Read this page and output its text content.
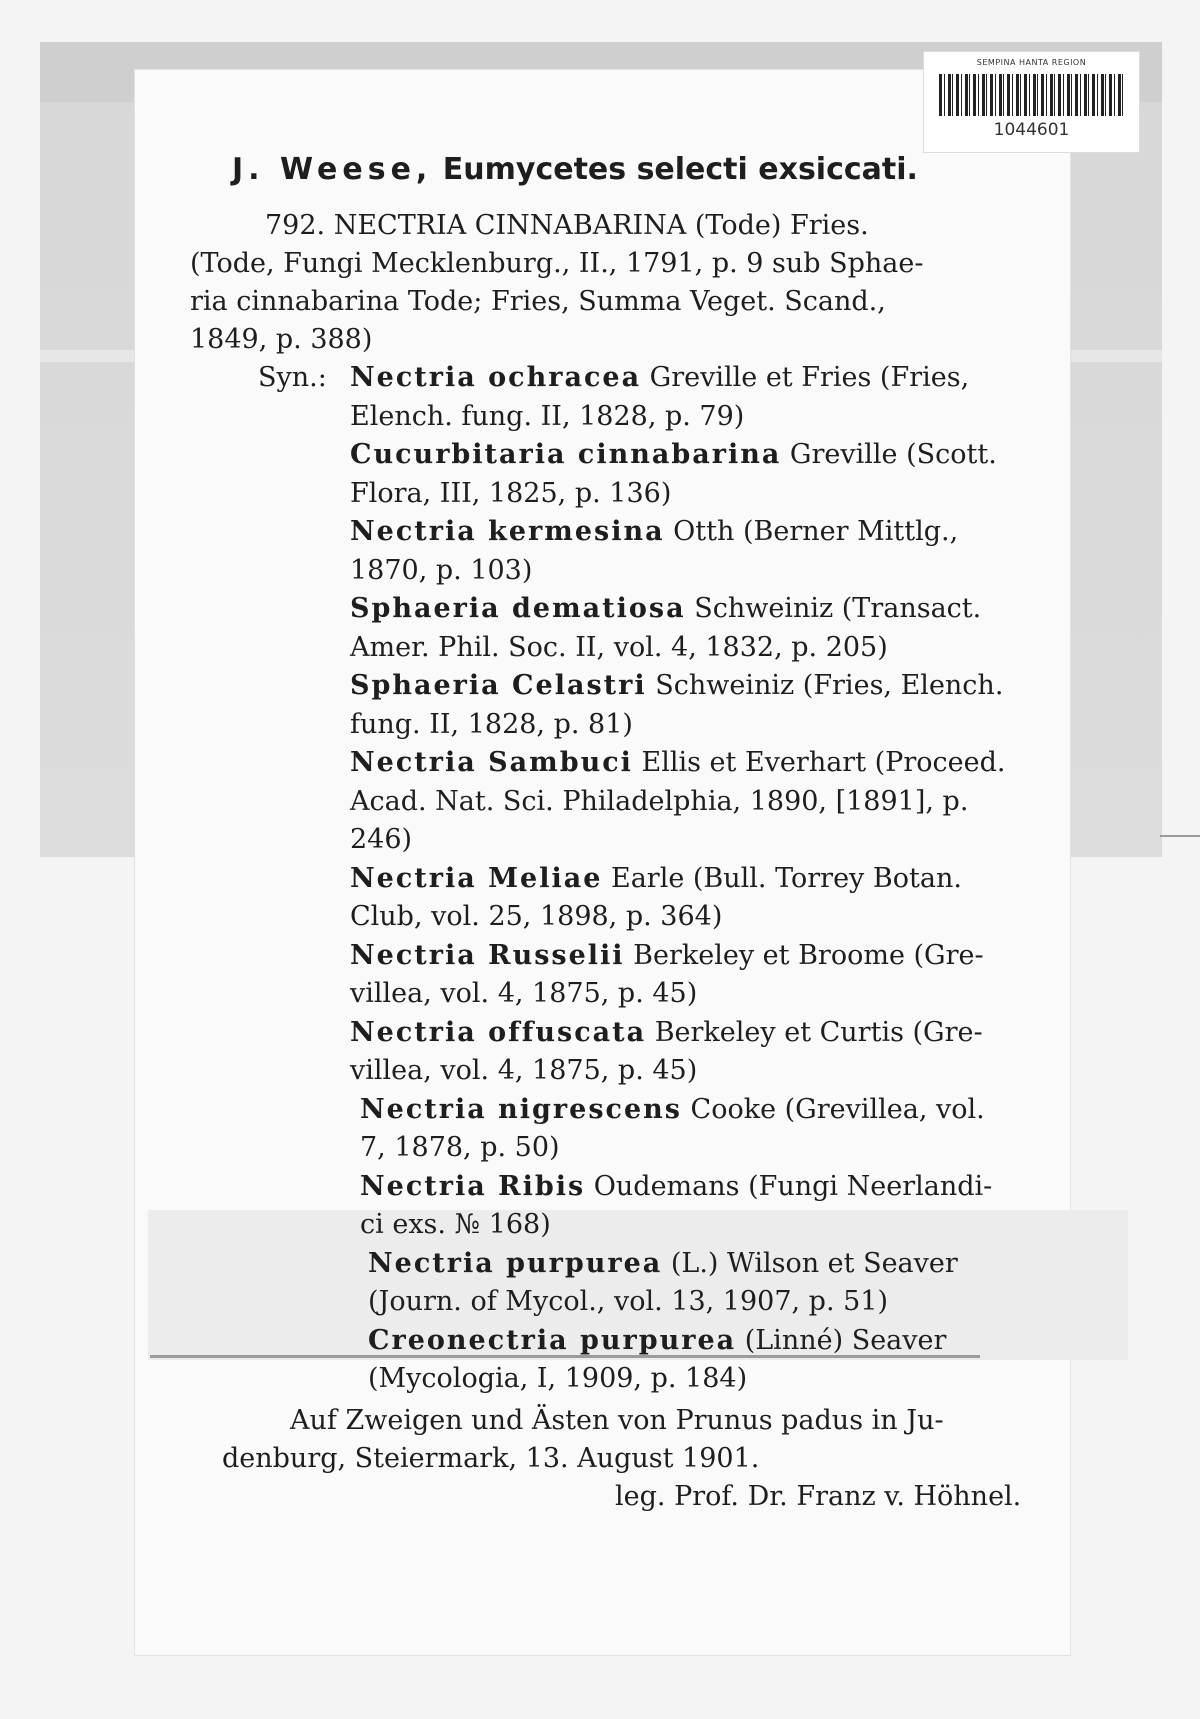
SEMPINA HANTA REGION
1044601
J. Weese, Eumycetes selecti exsiccati.
792. NECTRIA CINNABARINA (Tode) Fries.
(Tode, Fungi Mecklenburg., II., 1791, p. 9 sub Sphae-
ria cinnabarina Tode; Fries, Summa Veget. Scand.,
1849, p. 388)
Syn.: Nectria ochracea Greville et Fries (Fries,
Elench. fung. II, 1828, p. 79)
Cucurbitaria cinnabarina Greville (Scott.
Flora, III, 1825, p. 136)
Nectria kermesina Otth (Berner Mittlg.,
1870, p. 103)
Sphaeria dematiosa Schweiniz (Transact.
Amer. Phil. Soc. II, vol. 4, 1832, p. 205)
Sphaeria Celastri Schweiniz (Fries, Elench.
fung. II, 1828, p. 81)
Nectria Sambuci Ellis et Everhart (Proceed.
Acad. Nat. Sci. Philadelphia, 1890, [1891], p.
246)
Nectria Meliae Earle (Bull. Torrey Botan.
Club, vol. 25, 1898, p. 364)
Nectria Russelii Berkeley et Broome (Gre-
villea, vol. 4, 1875, p. 45)
Nectria offuscata Berkeley et Curtis (Gre-
villea, vol. 4, 1875, p. 45)
Nectria nigrescens Cooke (Grevillea, vol.
7, 1878, p. 50)
Nectria Ribis Oudemans (Fungi Neerlandi-
ci exs. № 168)
Nectria purpurea (L.) Wilson et Seaver
(Journ. of Mycol., vol. 13, 1907, p. 51)
Creonectria purpurea (Linné) Seaver
(Mycologia, I, 1909, p. 184)
Auf Zweigen und Ästen von Prunus padus in Ju-
denburg, Steiermark, 13. August 1901.
leg. Prof. Dr. Franz v. Höhnel.
